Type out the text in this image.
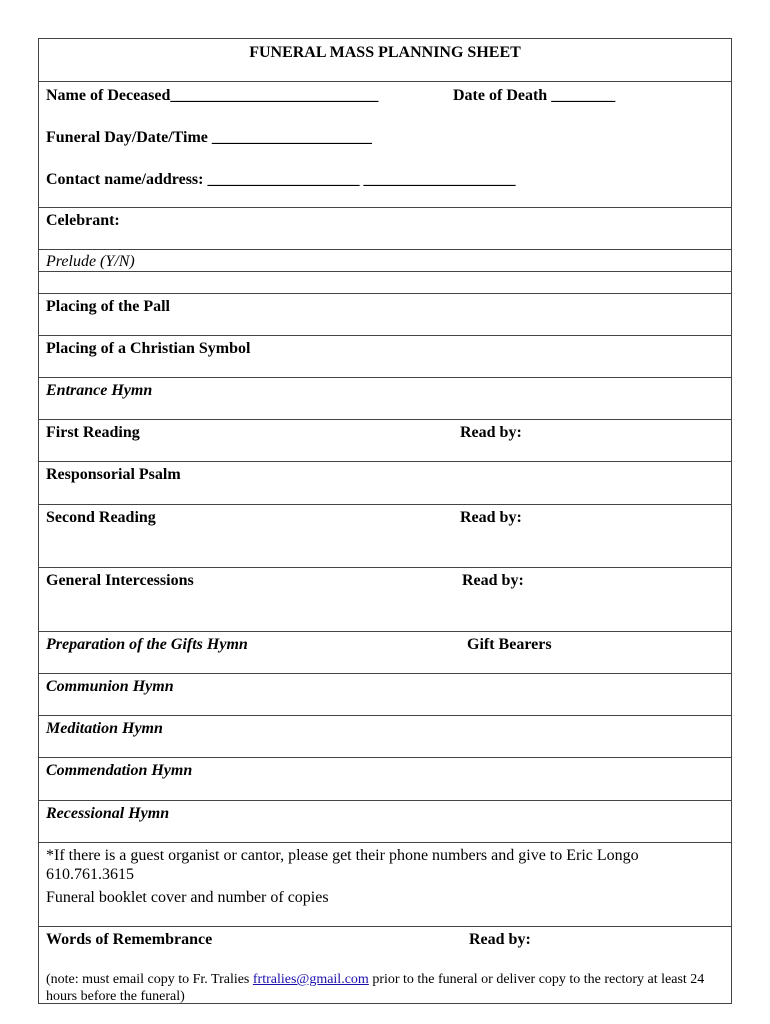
FUNERAL MASS PLANNING SHEET
Name of Deceased__________________________	Date of Death ________
Funeral Day/Date/Time ____________________
Contact name/address: ___________________ ___________________
Celebrant:
Prelude (Y/N)
Placing of the Pall
Placing of a Christian Symbol
Entrance Hymn
First Reading	Read by:
Responsorial Psalm
Second Reading	Read by:
General Intercessions	Read by:
Preparation of the Gifts Hymn	Gift Bearers
Communion Hymn
Meditation Hymn
Commendation Hymn
Recessional Hymn
*If there is a guest organist or cantor, please get their phone numbers and give to Eric Longo
610.761.3615
Funeral booklet cover and number of copies
Words of Remembrance	Read by:
(note: must email copy to Fr. Tralies frtralies@gmail.com prior to the funeral or deliver copy to the rectory at least 24 hours before the funeral)
